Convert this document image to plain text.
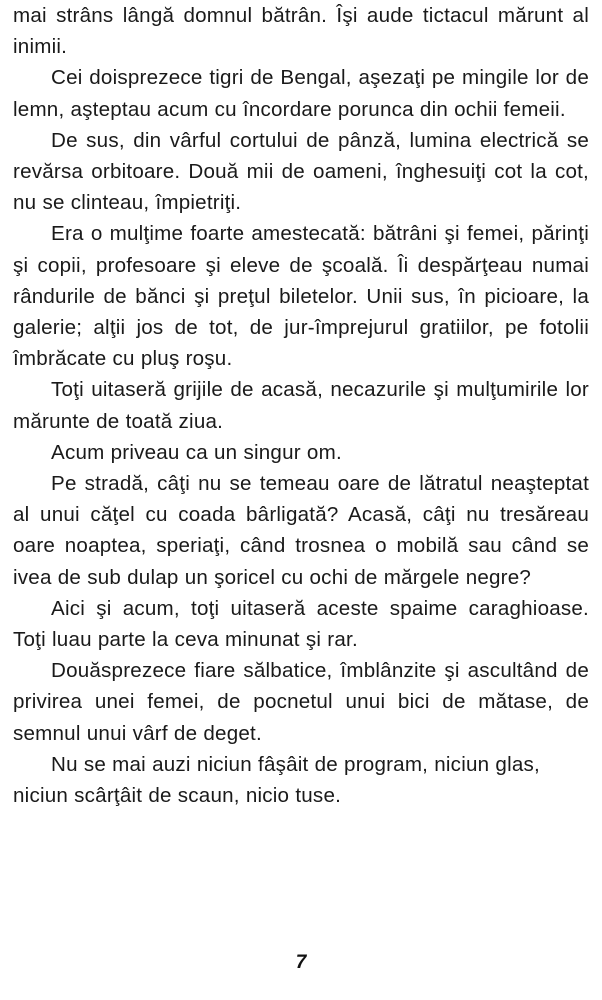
mai strâns lângă domnul bătrân. Îşi aude tictacul mărunt al inimii.

Cei doisprezece tigri de Bengal, aşezaţi pe mingile lor de lemn, aşteptau acum cu încordare porunca din ochii femeii.

De sus, din vârful cortului de pânză, lumina electrică se revărsa orbitoare. Două mii de oameni, înghesuiţi cot la cot, nu se clinteau, împietriţi.

Era o mulţime foarte amestecată: bătrâni şi femei, părinţi şi copii, profesoare şi eleve de şcoală. Îi despărţeau numai rândurile de bănci şi preţul biletelor. Unii sus, în picioare, la galerie; alţii jos de tot, de jur-împrejurul gratiilor, pe fotolii îmbrăcate cu pluş roşu.

Toţi uitaseră grijile de acasă, necazurile şi mulţumirile lor mărunte de toată ziua.

Acum priveau ca un singur om.

Pe stradă, câţi nu se temeau oare de lătratul neaşteptat al unui căţel cu coada bârligată? Acasă, câţi nu tresăreau oare noaptea, speriaţi, când trosnea o mobilă sau când se ivea de sub dulap un şoricel cu ochi de mărgele negre?

Aici şi acum, toţi uitaseră aceste spaime caraghioase. Toţi luau parte la ceva minunat şi rar.

Douăsprezece fiare sălbatice, îmblânzite şi ascultând de privirea unei femei, de pocnetul unui bici de mătase, de semnul unui vârf de deget.

Nu se mai auzi niciun fâşâit de program, niciun glas, niciun scârţâit de scaun, nicio tuse.

7
